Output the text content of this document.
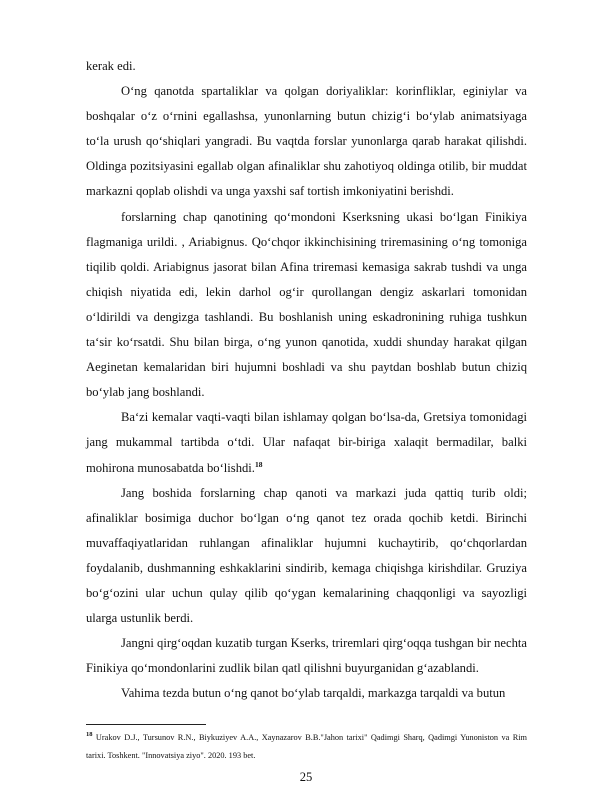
kerak edi.

O‘ng qanotda spartaliklar va qolgan doriyaliklar: korinfliklar, eginiylar va boshqalar o‘z o‘rnini egallashsa, yunonlarning butun chizig‘i bo‘ylab animatsiyaga to‘la urush qo‘shiqlari yangradi. Bu vaqtda forslar yunonlarga qarab harakat qilishdi. Oldinga pozitsiyasini egallab olgan afinaliklar shu zahotiyoq oldinga otilib, bir muddat markazni qoplab olishdi va unga yaxshi saf tortish imkoniyatini berishdi.

forslarning chap qanotining qo‘mondoni Kserksning ukasi bo‘lgan Finikiya flagmaniga urildi. , Ariabignus. Qo‘chqor ikkinchisining triremasining o‘ng tomoniga tiqilib qoldi. Ariabignus jasorat bilan Afina triremasi kemasiga sakrab tushdi va unga chiqish niyatida edi, lekin darhol og‘ir qurollangan dengiz askarlari tomonidan o‘ldirildi va dengizga tashlandi. Bu boshlanish uning eskadronining ruhiga tushkun ta‘sir ko‘rsatdi. Shu bilan birga, o‘ng yunon qanotida, xuddi shunday harakat qilgan Aeginetan kemalaridan biri hujumni boshladi va shu paytdan boshlab butun chiziq bo‘ylab jang boshlandi.

Ba‘zi kemalar vaqti-vaqti bilan ishlamay qolgan bo‘lsa-da, Gretsiya tomonidagi jang mukammal tartibda o‘tdi. Ular nafaqat bir-biriga xalaqit bermadilar, balki mohirona munosabatda bo‘lishdi.$^{18}$

Jang boshida forslarning chap qanoti va markazi juda qattiq turib oldi; afinaliklar bosimiga duchor bo‘lgan o‘ng qanot tez orada qochib ketdi. Birinchi muvaffaqiyatlaridan ruhlangan afinaliklar hujumni kuchaytirib, qo‘chqorlardan foydalanib, dushmanning eshkaklarini sindirib, kemaga chiqishga kirishdilar. Gruziya bo‘g‘ozini ular uchun qulay qilib qo‘ygan kemalarining chaqqonligi va sayozligi ularga ustunlik berdi.

Jangni qirg‘oqdan kuzatib turgan Kserks, triremlari qirg‘oqqa tushgan bir nechta Finikiya qo‘mondonlarini zudlik bilan qatl qilishni buyurganidan g‘azablandi.

Vahima tezda butun o‘ng qanot bo‘ylab tarqaldi, markazga tarqaldi va butun

$^{18}$ Urakov D.J., Tursunov R.N., Biykuziyev A.A., Xaynazarov B.B."Jahon tarixi" Qadimgi Sharq, Qadimgi Yunoniston va Rim tarixi. Toshkent. "Innovatsiya ziyo". 2020. 193 bet.

25
